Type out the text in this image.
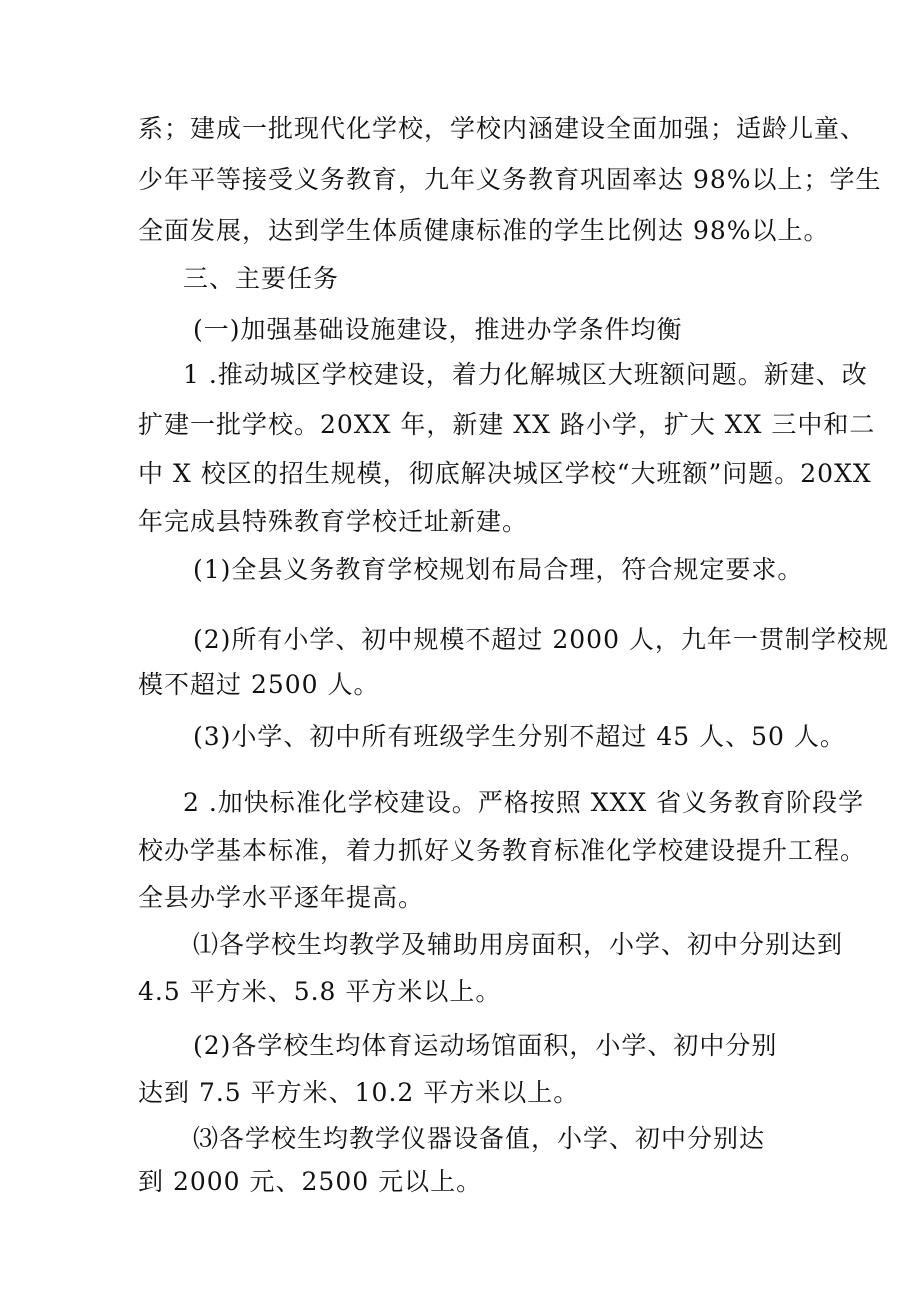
系；建成一批现代化学校，学校内涵建设全面加强；适龄儿童、
少年平等接受义务教育，九年义务教育巩固率达 98%以上；学生
全面发展，达到学生体质健康标准的学生比例达 98%以上。
三、主要任务
(一)加强基础设施建设，推进办学条件均衡
1 .推动城区学校建设，着力化解城区大班额问题。新建、改
扩建一批学校。20XX 年，新建 XX 路小学，扩大 XX 三中和二
中 X 校区的招生规模，彻底解决城区学校“大班额”问题。20XX
年完成县特殊教育学校迁址新建。
(1)全县义务教育学校规划布局合理，符合规定要求。
(2)所有小学、初中规模不超过 2000 人，九年一贯制学校规
模不超过 2500 人。
(3)小学、初中所有班级学生分别不超过 45 人、50 人。
2 .加快标准化学校建设。严格按照 XXX 省义务教育阶段学
校办学基本标准，着力抓好义务教育标准化学校建设提升工程。
全县办学水平逐年提高。
⑴各学校生均教学及辅助用房面积，小学、初中分别达到
4.5 平方米、5.8 平方米以上。
(2)各学校生均体育运动场馆面积，小学、初中分别
达到 7.5 平方米、10.2 平方米以上。
⑶各学校生均教学仪器设备值，小学、初中分别达
到 2000 元、2500 元以上。
